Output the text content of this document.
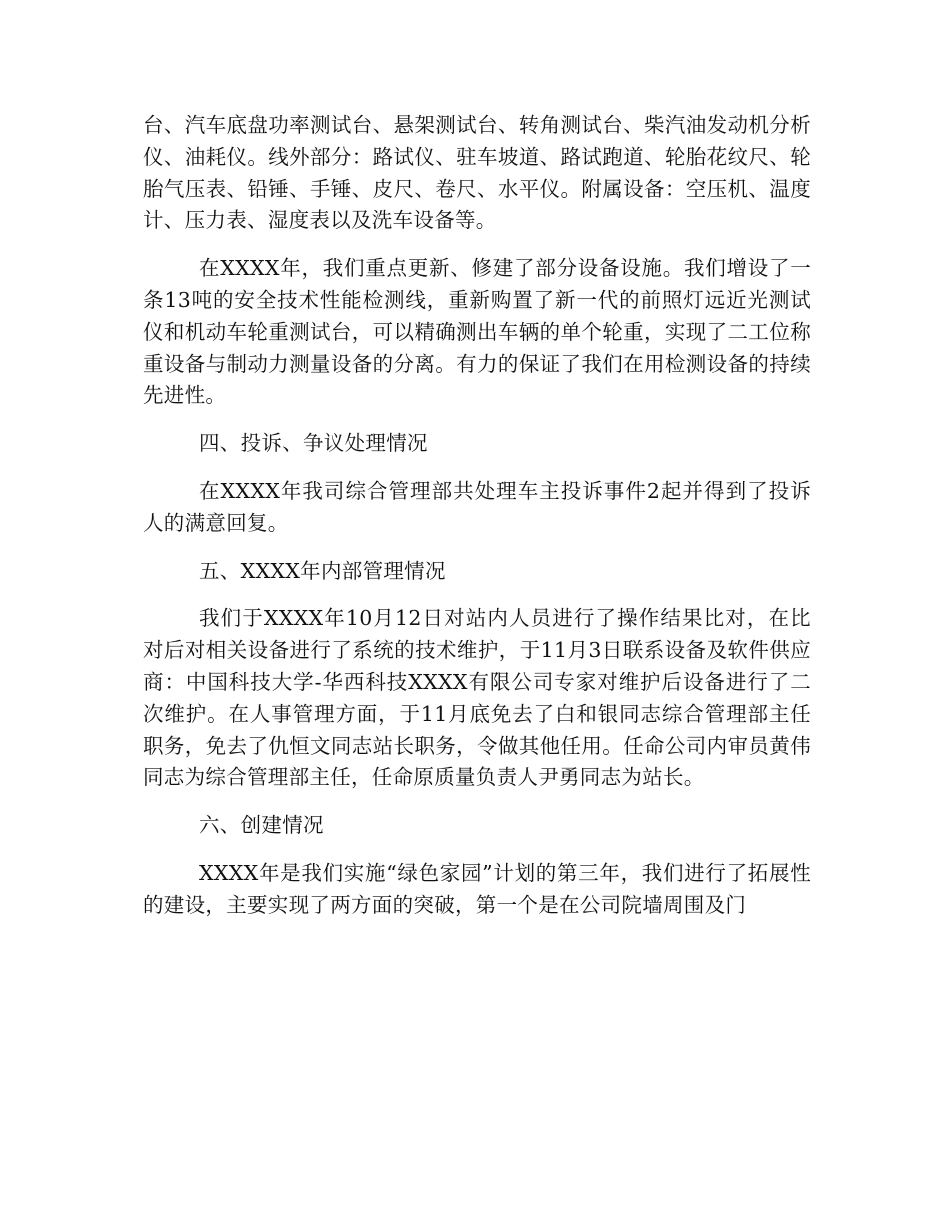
台、汽车底盘功率测试台、悬架测试台、转角测试台、柴汽油发动机分析仪、油耗仪。线外部分：路试仪、驻车坡道、路试跑道、轮胎花纹尺、轮胎气压表、铅锤、手锤、皮尺、卷尺、水平仪。附属设备：空压机、温度计、压力表、湿度表以及洗车设备等。

在XXXX年，我们重点更新、修建了部分设备设施。我们增设了一条13吨的安全技术性能检测线，重新购置了新一代的前照灯远近光测试仪和机动车轮重测试台，可以精确测出车辆的单个轮重，实现了二工位称重设备与制动力测量设备的分离。有力的保证了我们在用检测设备的持续先进性。

四、投诉、争议处理情况

在XXXX年我司综合管理部共处理车主投诉事件2起并得到了投诉人的满意回复。

五、XXXX年内部管理情况

我们于XXXX年10月12日对站内人员进行了操作结果比对，在比对后对相关设备进行了系统的技术维护，于11月3日联系设备及软件供应商：中国科技大学-华西科技XXXX有限公司专家对维护后设备进行了二次维护。在人事管理方面，于11月底免去了白和银同志综合管理部主任职务，免去了仇恒文同志站长职务，令做其他任用。任命公司内审员黄伟同志为综合管理部主任，任命原质量负责人尹勇同志为站长。

六、创建情况

XXXX年是我们实施“绿色家园”计划的第三年，我们进行了拓展性的建设，主要实现了两方面的突破，第一个是在公司院墙周围及门
